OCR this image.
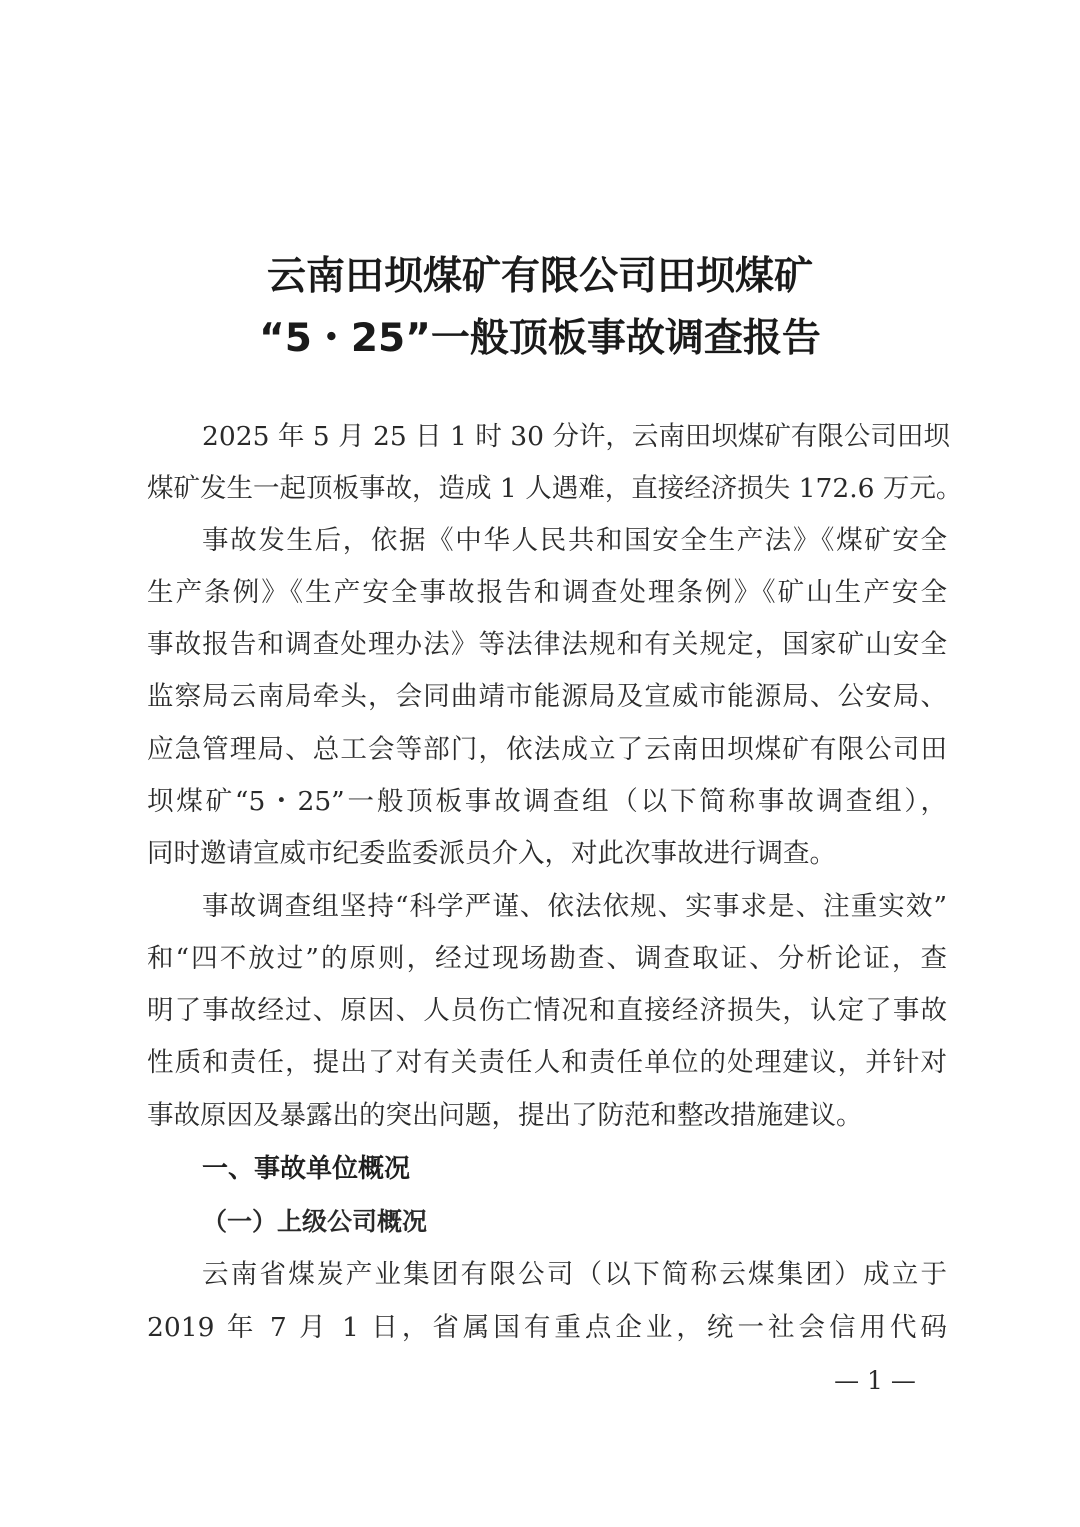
云南田坝煤矿有限公司田坝煤矿
“5・25”一般顶板事故调查报告
2025 年 5 月 25 日 1 时 30 分许，云南田坝煤矿有限公司田坝
煤矿发生一起顶板事故，造成 1 人遇难，直接经济损失 172.6 万元。
事故发生后，依据《中华人民共和国安全生产法》《煤矿安全
生产条例》《生产安全事故报告和调查处理条例》《矿山生产安全
事故报告和调查处理办法》等法律法规和有关规定，国家矿山安全
监察局云南局牵头，会同曲靖市能源局及宣威市能源局、公安局、
应急管理局、总工会等部门，依法成立了云南田坝煤矿有限公司田
坝煤矿“5・25”一般顶板事故调查组（以下简称事故调查组），
同时邀请宣威市纪委监委派员介入，对此次事故进行调查。
事故调查组坚持“科学严谨、依法依规、实事求是、注重实效”
和“四不放过”的原则，经过现场勘查、调查取证、分析论证，查
明了事故经过、原因、人员伤亡情况和直接经济损失，认定了事故
性质和责任，提出了对有关责任人和责任单位的处理建议，并针对
事故原因及暴露出的突出问题，提出了防范和整改措施建议。
一、事故单位概况
（一）上级公司概况
云南省煤炭产业集团有限公司（以下简称云煤集团）成立于
2019 年 7 月 1 日，省属国有重点企业，统一社会信用代码
— 1 —
